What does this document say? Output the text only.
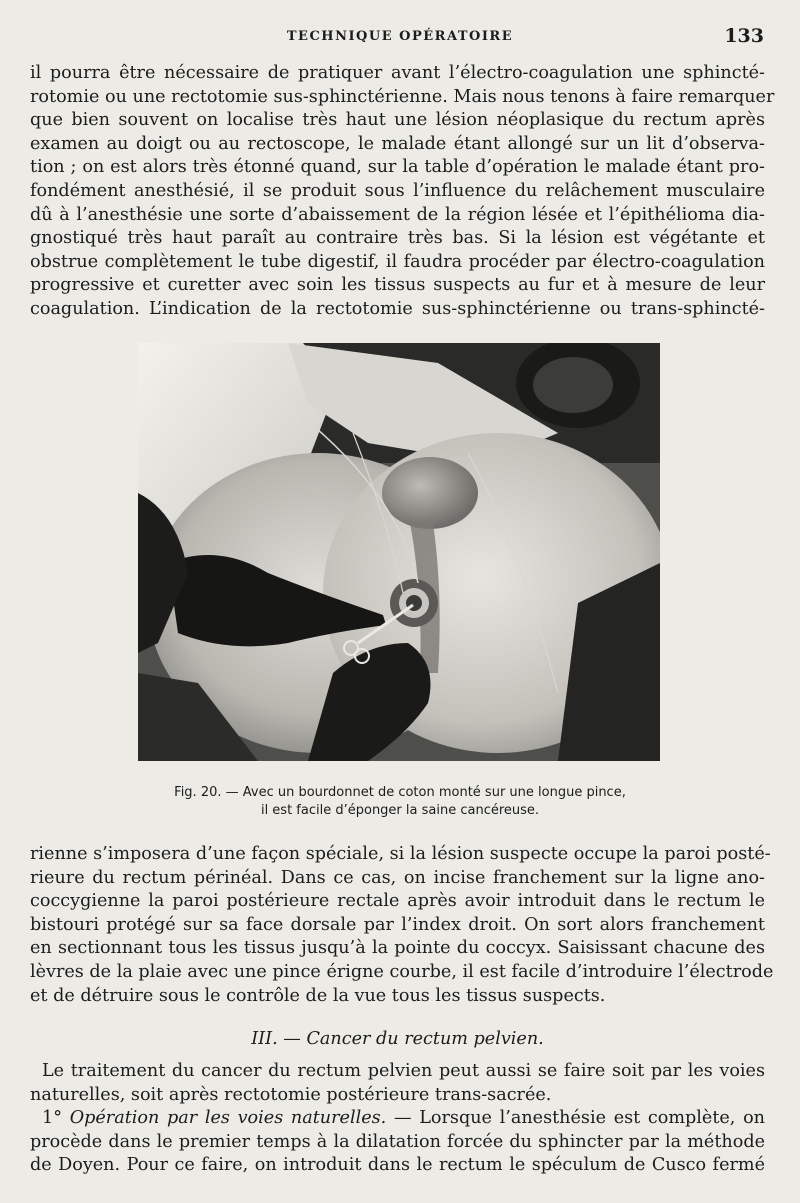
TECHNIQUE OPÉRATOIRE	133
il pourra être nécessaire de pratiquer avant l’électro-coagulation une sphincté-
rotomie ou une rectotomie sus-sphinctérienne. Mais nous tenons à faire remarquer
que bien souvent on localise très haut une lésion néoplasique du rectum après
examen au doigt ou au rectoscope, le malade étant allongé sur un lit d’observa-
tion ; on est alors très étonné quand, sur la table d’opération le malade étant pro-
fondément anesthésié, il se produit sous l’influence du relâchement musculaire
dû à l’anesthésie une sorte d’abaissement de la région lésée et l’épithélioma dia-
gnostiqué très haut paraît au contraire très bas. Si la lésion est végétante et
obstrue complètement le tube digestif, il faudra procéder par électro-coagulation
progressive et curetter avec soin les tissus suspects au fur et à mesure de leur
coagulation. L’indication de la rectotomie sus-sphinctérienne ou trans-sphincté-
Fig. 20. — Avec un bourdonnet de coton monté sur une longue pince,
il est facile d’éponger la saine cancéreuse.
rienne s’imposera d’une façon spéciale, si la lésion suspecte occupe la paroi posté-
rieure du rectum périnéal. Dans ce cas, on incise franchement sur la ligne ano-
coccygienne la paroi postérieure rectale après avoir introduit dans le rectum le
bistouri protégé sur sa face dorsale par l’index droit. On sort alors franchement
en sectionnant tous les tissus jusqu’à la pointe du coccyx. Saisissant chacune des
lèvres de la plaie avec une pince érigne courbe, il est facile d’introduire l’électrode
et de détruire sous le contrôle de la vue tous les tissus suspects.
III. — Cancer du rectum pelvien.
Le traitement du cancer du rectum pelvien peut aussi se faire soit par les voies
naturelles, soit après rectotomie postérieure trans-sacrée.
1° Opération par les voies naturelles. — Lorsque l’anesthésie est complète, on
procède dans le premier temps à la dilatation forcée du sphincter par la méthode
de Doyen. Pour ce faire, on introduit dans le rectum le spéculum de Cusco fermé
